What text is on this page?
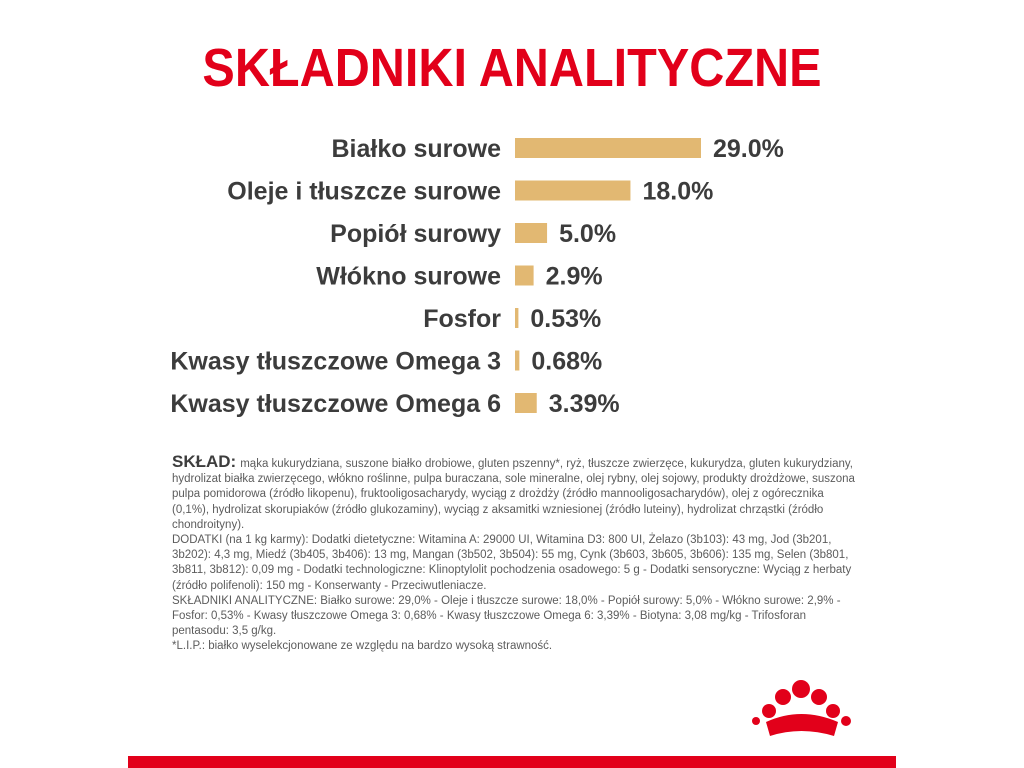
SKŁADNIKI ANALITYCZNE
Białko surowe	29.0%
Oleje i tłuszcze surowe	18.0%
Popiół surowy 5.0%
Włókno surowe 2.9%
Fosfor 0.53%
Kwasy tłuszczowe Omega 3 0.68%
Kwasy tłuszczowe Omega 6 3.39%

SKŁAD: mąka kukurydziana, suszone białko drobiowe, gluten pszenny*, ryż, tłuszcze zwierzęce, kukurydza, gluten kukurydziany, hydrolizat białka zwierzęcego, włókno roślinne, pulpa buraczana, sole mineralne, olej rybny, olej sojowy, produkty drożdżowe, suszona pulpa pomidorowa (źródło likopenu), fruktooligosacharydy, wyciąg z drożdży (źródło mannooligosacharydów), olej z ogórecznika (0,1%), hydrolizat skorupiaków (źródło glukozaminy), wyciąg z aksamitki wzniesionej (źródło luteiny), hydrolizat chrząstki (źródło chondroityny).

DODATKI (na 1 kg karmy): Dodatki dietetyczne: Witamina A: 29000 UI, Witamina D3: 800 UI, Żelazo (3b103): 43 mg, Jod (3b201, 3b202): 4,3 mg, Miedź (3b405, 3b406): 13 mg, Mangan (3b502, 3b504): 55 mg, Cynk (3b603, 3b605, 3b606): 135 mg, Selen (3b801, 3b811, 3b812): 0,09 mg - Dodatki technologiczne: Klinoptylolit pochodzenia osadowego: 5 g - Dodatki sensoryczne: Wyciąg z herbaty (źródło polifenoli): 150 mg - Konserwanty - Przeciwutleniacze.

SKŁADNIKI ANALITYCZNE: Białko surowe: 29,0% - Oleje i tłuszcze surowe: 18,0% - Popiół surowy: 5,0% - Włókno surowe: 2,9% - Fosfor: 0,53% - Kwasy tłuszczowe Omega 3: 0,68% - Kwasy tłuszczowe Omega 6: 3,39% - Biotyna: 3,08 mg/kg - Trifosforan pentasodu: 3,5 g/kg.

*L.I.P.: białko wyselekcjonowane ze względu na bardzo wysoką strawność.
